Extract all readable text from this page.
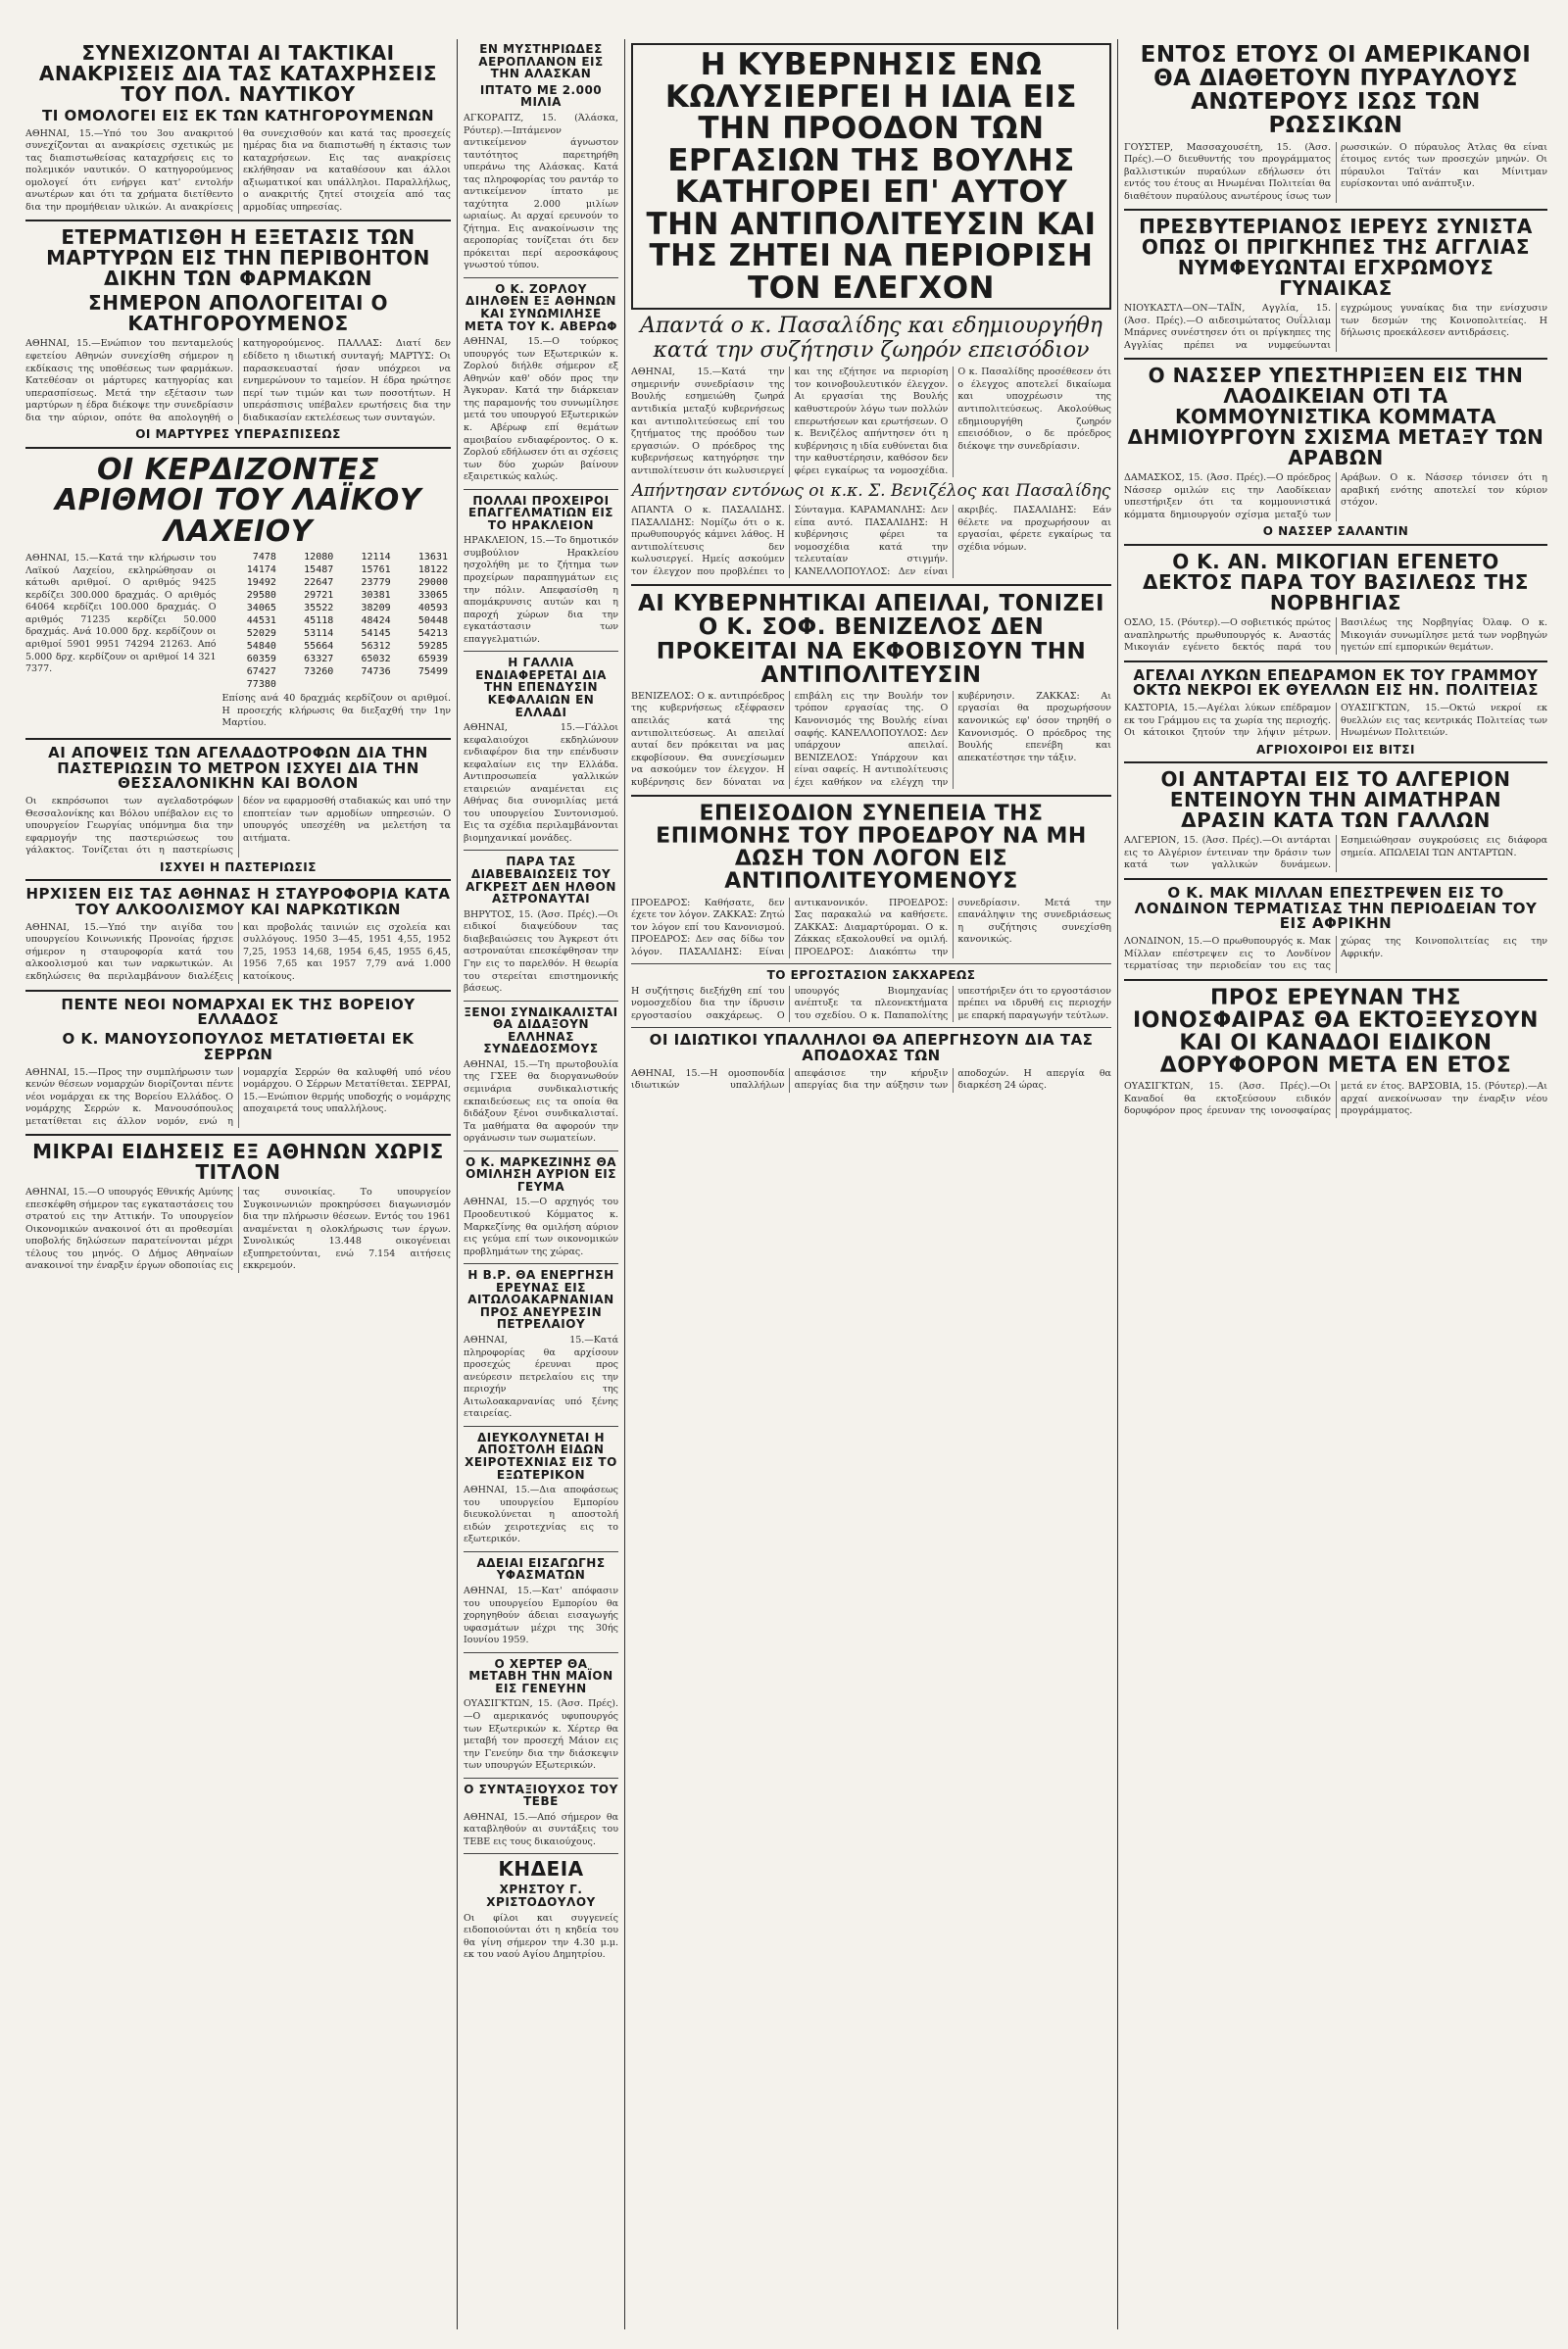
ΣΥΝΕΧΙΖΟΝΤΑΙ ΑΙ ΤΑΚΤΙΚΑΙ ΑΝΑΚΡΙΣΕΙΣ ΔΙΑ ΤΑΣ ΚΑΤΑΧΡΗΣΕΙΣ ΤΟΥ ΠΟΛ. ΝΑΥΤΙΚΟΥ
ΤΙ ΟΜΟΛΟΓΕΙ ΕΙΣ ΕΚ ΤΩΝ ΚΑΤΗΓΟΡΟΥΜΕΝΩΝ
ΑΘΗΝΑΙ, 15.—Υπό του 3ου ανακριτού συνεχίζονται αι ανακρίσεις σχετικώς με τας διαπιστωθείσας καταχρήσεις εις το πολεμικόν ναυτικόν. Ο κατηγορούμενος ομολογεί ότι ενήργει κατ' εντολήν ανωτέρων και ότι τα χρήματα διετίθεντο δια την προμήθειαν υλικών. Αι ανακρίσεις θα συνεχισθούν και κατά τας προσεχείς ημέρας δια να διαπιστωθή η έκτασις των καταχρήσεων. Εις τας ανακρίσεις εκλήθησαν να καταθέσουν και άλλοι αξιωματικοί και υπάλληλοι. Παραλλήλως, ο ανακριτής ζητεί στοιχεία από τας αρμοδίας υπηρεσίας.
ΕΤΕΡΜΑΤΙΣΘΗ Η ΕΞΕΤΑΣΙΣ ΤΩΝ ΜΑΡΤΥΡΩΝ ΕΙΣ ΤΗΝ ΠΕΡΙΒΟΗΤΟΝ ΔΙΚΗΝ ΤΩΝ ΦΑΡΜΑΚΩΝ
ΣΗΜΕΡΟΝ ΑΠΟΛΟΓΕΙΤΑΙ Ο ΚΑΤΗΓΟΡΟΥΜΕΝΟΣ
ΑΘΗΝΑΙ, 15.—Ενώπιον του πενταμελούς εφετείου Αθηνών συνεχίσθη σήμερον η εκδίκασις της υποθέσεως των φαρμάκων. Κατεθέσαν οι μάρτυρες κατηγορίας και υπερασπίσεως. Μετά την εξέτασιν των μαρτύρων η έδρα διέκοψε την συνεδρίασιν δια την αύριον, οπότε θα απολογηθή ο κατηγορούμενος. ΠΑΛΛΑΣ: Διατί δεν εδίδετο η ιδιωτική συνταγή; ΜΑΡΤΥΣ: Οι παρασκευασταί ήσαν υπόχρεοι να ενημερώνουν το ταμείον. Η έδρα ηρώτησε περί των τιμών και των ποσοτήτων. Η υπεράσπισις υπέβαλεν ερωτήσεις δια την διαδικασίαν εκτελέσεως των συνταγών.
ΟΙ ΜΑΡΤΥΡΕΣ ΥΠΕΡΑΣΠΙΣΕΩΣ
ΟΙ ΚΕΡΔΙΖΟΝΤΕΣ ΑΡΙΘΜΟΙ ΤΟΥ ΛΑΪΚΟΥ ΛΑΧΕΙΟΥ
ΑΘΗΝΑΙ, 15.—Κατά την κλήρωσιν του Λαϊκού Λαχείου, εκληρώθησαν οι κάτωθι αριθμοί. Ο αριθμός 9425 κερδίζει 300.000 δραχμάς. Ο αριθμός 64064 κερδίζει 100.000 δραχμάς. Ο αριθμός 71235 κερδίζει 50.000 δραχμάς. Ανά 10.000 δρχ. κερδίζουν οι αριθμοί 5901 9951 74294 21263. Από 5.000 δρχ. κερδίζουν οι αριθμοί 14 321 7377.
7478	12080	12114	13631
14174	15487	15761	18122
19492	22647	23779	29000
29580	29721	30381	33065
34065	35522	38209	40593
44531	45118	48424	50448
52029	53114	54145	54213
54840	55664	56312	59285
60359	63327	65032	65939
67427	73260	74736	75499
77380
Επίσης ανά 40 δραχμάς κερδίζουν οι αριθμοί. Η προσεχής κλήρωσις θα διεξαχθή την 1ην Μαρτίου.
ΑΙ ΑΠΟΨΕΙΣ ΤΩΝ ΑΓΕΛΑΔΟΤΡΟΦΩΝ ΔΙΑ ΤΗΝ ΠΑΣΤΕΡΙΩΣΙΝ ΤΟ ΜΕΤΡΟΝ ΙΣΧΥΕΙ ΔΙΑ ΤΗΝ ΘΕΣΣΑΛΟΝΙΚΗΝ ΚΑΙ ΒΟΛΟΝ
Οι εκπρόσωποι των αγελαδοτρόφων Θεσσαλονίκης και Βόλου υπέβαλον εις το υπουργείον Γεωργίας υπόμνημα δια την εφαρμογήν της παστεριώσεως του γάλακτος. Τονίζεται ότι η παστερίωσις δέον να εφαρμοσθή σταδιακώς και υπό την εποπτείαν των αρμοδίων υπηρεσιών. Ο υπουργός υπεσχέθη να μελετήση τα αιτήματα.
ΙΣΧΥΕΙ Η ΠΑΣΤΕΡΙΩΣΙΣ
ΗΡΧΙΣΕΝ ΕΙΣ ΤΑΣ ΑΘΗΝΑΣ Η ΣΤΑΥΡΟΦΟΡΙΑ ΚΑΤΑ ΤΟΥ ΑΛΚΟΟΛΙΣΜΟΥ ΚΑΙ ΝΑΡΚΩΤΙΚΩΝ
ΑΘΗΝΑΙ, 15.—Υπό την αιγίδα του υπουργείου Κοινωνικής Προνοίας ήρχισε σήμερον η σταυροφορία κατά του αλκοολισμού και των ναρκωτικών. Αι εκδηλώσεις θα περιλαμβάνουν διαλέξεις και προβολάς ταινιών εις σχολεία και συλλόγους. 1950 3—45, 1951 4,55, 1952 7,25, 1953 14,68, 1954 6,45, 1955 6,45, 1956 7,65 και 1957 7,79 ανά 1.000 κατοίκους.
ΠΕΝΤΕ ΝΕΟΙ ΝΟΜΑΡΧΑΙ ΕΚ ΤΗΣ ΒΟΡΕΙΟΥ ΕΛΛΑΔΟΣ
Ο Κ. ΜΑΝΟΥΣΟΠΟΥΛΟΣ ΜΕΤΑΤΙΘΕΤΑΙ ΕΚ ΣΕΡΡΩΝ
ΑΘΗΝΑΙ, 15.—Προς την συμπλήρωσιν των κενών θέσεων νομαρχών διορίζονται πέντε νέοι νομάρχαι εκ της Βορείου Ελλάδος. Ο νομάρχης Σερρών κ. Μανουσόπουλος μετατίθεται εις άλλον νομόν, ενώ η νομαρχία Σερρών θα καλυφθή υπό νέου νομάρχου. Ο Σέρρων Μετατίθεται. ΣΕΡΡΑΙ, 15.—Ενώπιον θερμής υποδοχής ο νομάρχης αποχαιρετά τους υπαλλήλους.
ΜΙΚΡΑΙ ΕΙΔΗΣΕΙΣ ΕΞ ΑΘΗΝΩΝ ΧΩΡΙΣ ΤΙΤΛΟΝ
ΑΘΗΝΑΙ, 15.—Ο υπουργός Εθνικής Αμύνης επεσκέφθη σήμερον τας εγκαταστάσεις του στρατού εις την Αττικήν. Το υπουργείον Οικονομικών ανακοινοί ότι αι προθεσμίαι υποβολής δηλώσεων παρατείνονται μέχρι τέλους του μηνός. Ο Δήμος Αθηναίων ανακοινοί την έναρξιν έργων οδοποιίας εις τας συνοικίας. Το υπουργείον Συγκοινωνιών προκηρύσσει διαγωνισμόν δια την πλήρωσιν θέσεων. Εντός του 1961 αναμένεται η ολοκλήρωσις των έργων. Συνολικώς 13.448 οικογένειαι εξυπηρετούνται, ενώ 7.154 αιτήσεις εκκρεμούν.
ΕΝ ΜΥΣΤΗΡΙΩΔΕΣ ΑΕΡΟΠΛΑΝΟΝ ΕΙΣ ΤΗΝ ΑΛΑΣΚΑΝ
ΙΠΤΑΤΟ ΜΕ 2.000 ΜΙΛΙΑ
ΑΓΚΟΡΑΙΤΖ, 15. (Άλάσκα, Ρόυτερ).—Ιπτάμενον αντικείμενον άγνωστον ταυτότητος παρετηρήθη υπεράνω της Αλάσκας. Κατά τας πληροφορίας του ραντάρ το αντικείμενον ίπτατο με ταχύτητα 2.000 μιλίων ωριαίως. Αι αρχαί ερευνούν το ζήτημα. Εις ανακοίνωσιν της αεροπορίας τονίζεται ότι δεν πρόκειται περί αεροσκάφους γνωστού τύπου.
Ο Κ. ΖΟΡΛΟΥ ΔΙΗΛΘΕΝ ΕΞ ΑΘΗΝΩΝ ΚΑΙ ΣΥΝΩΜΙΛΗΣΕ ΜΕΤΑ ΤΟΥ Κ. ΑΒΕΡΩΦ
ΑΘΗΝΑΙ, 15.—Ο τούρκος υπουργός των Εξωτερικών κ. Ζορλού διήλθε σήμερον εξ Αθηνών καθ' οδόν προς την Άγκυραν. Κατά την διάρκειαν της παραμονής του συνωμίλησε μετά του υπουργού Εξωτερικών κ. Αβέρωφ επί θεμάτων αμοιβαίου ενδιαφέροντος. Ο κ. Ζορλού εδήλωσεν ότι αι σχέσεις των δύο χωρών βαίνουν εξαιρετικώς καλώς.
ΠΟΛΛΑΙ ΠΡΟΧΕΙΡΟΙ ΕΠΑΓΓΕΛΜΑΤΙΩΝ ΕΙΣ ΤΟ ΗΡΑΚΛΕΙΟΝ
ΗΡΑΚΛΕΙΟΝ, 15.—Το δημοτικόν συμβούλιον Ηρακλείου ησχολήθη με το ζήτημα των προχείρων παραπηγμάτων εις την πόλιν. Απεφασίσθη η απομάκρυνσις αυτών και η παροχή χώρων δια την εγκατάστασιν των επαγγελματιών.
Η ΓΑΛΛΙΑ ΕΝΔΙΑΦΕΡΕΤΑΙ ΔΙΑ ΤΗΝ ΕΠΕΝΔΥΣΙΝ ΚΕΦΑΛΑΙΩΝ ΕΝ ΕΛΛΑΔΙ
ΑΘΗΝΑΙ, 15.—Γάλλοι κεφαλαιούχοι εκδηλώνουν ενδιαφέρον δια την επένδυσιν κεφαλαίων εις την Ελλάδα. Αντιπροσωπεία γαλλικών εταιρειών αναμένεται εις Αθήνας δια συνομιλίας μετά του υπουργείου Συντονισμού. Εις τα σχέδια περιλαμβάνονται βιομηχανικαί μονάδες.
ΠΑΡΑ ΤΑΣ ΔΙΑΒΕΒΑΙΩΣΕΙΣ ΤΟΥ ΑΓΚΡΕΣΤ ΔΕΝ ΗΛΘΟΝ ΑΣΤΡΟΝΑΥΤΑΙ
ΒΗΡΥΤΟΣ, 15. (Άσσ. Πρές).—Οι ειδικοί διαψεύδουν τας διαβεβαιώσεις του Άγκρεστ ότι αστροναύται επεσκέφθησαν την Γην εις το παρελθόν. Η θεωρία του στερείται επιστημονικής βάσεως.
ΞΕΝΟΙ ΣΥΝΔΙΚΑΛΙΣΤΑΙ ΘΑ ΔΙΔΑΞΟΥΝ ΕΛΛΗΝΑΣ ΣΥΝΔΕΔΟΣΜΟΥΣ
ΑΘΗΝΑΙ, 15.—Τη πρωτοβουλία της ΓΣΕΕ θα διοργανωθούν σεμινάρια συνδικαλιστικής εκπαιδεύσεως εις τα οποία θα διδάξουν ξένοι συνδικαλισταί. Τα μαθήματα θα αφορούν την οργάνωσιν των σωματείων.
Ο Κ. ΜΑΡΚΕΖΙΝΗΣ ΘΑ ΟΜΙΛΗΣΗ ΑΥΡΙΟΝ ΕΙΣ ΓΕΥΜΑ
ΑΘΗΝΑΙ, 15.—Ο αρχηγός του Προοδευτικού Κόμματος κ. Μαρκεζίνης θα ομιλήση αύριον εις γεύμα επί των οικονομικών προβλημάτων της χώρας.
Η Β.Ρ. ΘΑ ΕΝΕΡΓΗΣΗ ΕΡΕΥΝΑΣ ΕΙΣ ΑΙΤΩΛΟΑΚΑΡΝΑΝΙΑΝ ΠΡΟΣ ΑΝΕΥΡΕΣΙΝ ΠΕΤΡΕΛΑΙΟΥ
ΑΘΗΝΑΙ, 15.—Κατά πληροφορίας θα αρχίσουν προσεχώς έρευναι προς ανεύρεσιν πετρελαίου εις την περιοχήν της Αιτωλοακαρνανίας υπό ξένης εταιρείας.
ΔΙΕΥΚΟΛΥΝΕΤΑΙ Η ΑΠΟΣΤΟΛΗ ΕΙΔΩΝ ΧΕΙΡΟΤΕΧΝΙΑΣ ΕΙΣ ΤΟ ΕΞΩΤΕΡΙΚΟΝ
ΑΘΗΝΑΙ, 15.—Δια αποφάσεως του υπουργείου Εμπορίου διευκολύνεται η αποστολή ειδών χειροτεχνίας εις το εξωτερικόν.
ΑΔΕΙΑΙ ΕΙΣΑΓΩΓΗΣ ΥΦΑΣΜΑΤΩΝ
ΑΘΗΝΑΙ, 15.—Κατ' απόφασιν του υπουργείου Εμπορίου θα χορηγηθούν άδειαι εισαγωγής υφασμάτων μέχρι της 30ής Ιουνίου 1959.
Ο ΧΕΡΤΕΡ ΘΑ ΜΕΤΑΒΗ ΤΗΝ ΜΑΪΟΝ ΕΙΣ ΓΕΝΕΥΗΝ
ΟΥΑΣΙΓΚΤΩΝ, 15. (Άσσ. Πρές).—Ο αμερικανός υφυπουργός των Εξωτερικών κ. Χέρτερ θα μεταβή τον προσεχή Μάιον εις την Γενεύην δια την διάσκεψιν των υπουργών Εξωτερικών.
Ο ΣΥΝΤΑΞΙΟΥΧΟΣ ΤΟΥ ΤΕΒΕ
ΑΘΗΝΑΙ, 15.—Από σήμερον θα καταβληθούν αι συντάξεις του ΤΕΒΕ εις τους δικαιούχους.
ΚΗΔΕΙΑ
ΧΡΗΣΤΟΥ Γ. ΧΡΙΣΤΟΔΟΥΛΟΥ
Οι φίλοι και συγγενείς ειδοποιούνται ότι η κηδεία του θα γίνη σήμερον την 4.30 μ.μ. εκ του ναού Αγίου Δημητρίου.
Η ΚΥΒΕΡΝΗΣΙΣ ΕΝΩ ΚΩΛΥΣΙΕΡΓΕΙ Η ΙΔΙΑ ΕΙΣ ΤΗΝ ΠΡΟΟΔΟΝ ΤΩΝ ΕΡΓΑΣΙΩΝ ΤΗΣ ΒΟΥΛΗΣ ΚΑΤΗΓΟΡΕΙ ΕΠ' ΑΥΤΟΥ ΤΗΝ ΑΝΤΙΠΟΛΙΤΕΥΣΙΝ ΚΑΙ ΤΗΣ ΖΗΤΕΙ ΝΑ ΠΕΡΙΟΡΙΣΗ ΤΟΝ ΕΛΕΓΧΟΝ
Απαντά ο κ. Πασαλίδης και εδημιουργήθη κατά την συζήτησιν ζωηρόν επεισόδιον
ΑΘΗΝΑΙ, 15.—Κατά την σημερινήν συνεδρίασιν της Βουλής εσημειώθη ζωηρά αντιδικία μεταξύ κυβερνήσεως και αντιπολιτεύσεως επί του ζητήματος της προόδου των εργασιών. Ο πρόεδρος της κυβερνήσεως κατηγόρησε την αντιπολίτευσιν ότι κωλυσιεργεί και της εζήτησε να περιορίση τον κοινοβουλευτικόν έλεγχον. Αι εργασίαι της Βουλής καθυστερούν λόγω των πολλών επερωτήσεων και ερωτήσεων. Ο κ. Βενιζέλος απήντησεν ότι η κυβέρνησις η ιδία ευθύνεται δια την καθυστέρησιν, καθόσον δεν φέρει εγκαίρως τα νομοσχέδια. Ο κ. Πασαλίδης προσέθεσεν ότι ο έλεγχος αποτελεί δικαίωμα και υποχρέωσιν της αντιπολιτεύσεως. Ακολούθως εδημιουργήθη ζωηρόν επεισόδιον, ο δε πρόεδρος διέκοψε την συνεδρίασιν.
Απήντησαν εντόνως οι κ.κ. Σ. Βενιζέλος και Πασαλίδης
ΑΠΑΝΤΑ Ο κ. ΠΑΣΑΛΙΔΗΣ. ΠΑΣΑΛΙΔΗΣ: Νομίζω ότι ο κ. πρωθυπουργός κάμνει λάθος. Η αντιπολίτευσις δεν κωλυσιεργεί. Ημείς ασκούμεν τον έλεγχον που προβλέπει το Σύνταγμα. ΚΑΡΑΜΑΝΛΗΣ: Δεν είπα αυτό. ΠΑΣΑΛΙΔΗΣ: Η κυβέρνησις φέρει τα νομοσχέδια κατά την τελευταίαν στιγμήν. ΚΑΝΕΛΛΟΠΟΥΛΟΣ: Δεν είναι ακριβές. ΠΑΣΑΛΙΔΗΣ: Εάν θέλετε να προχωρήσουν αι εργασίαι, φέρετε εγκαίρως τα σχέδια νόμων.
ΑΙ ΚΥΒΕΡΝΗΤΙΚΑΙ ΑΠΕΙΛΑΙ, ΤΟΝΙΖΕΙ Ο Κ. ΣΟΦ. ΒΕΝΙΖΕΛΟΣ ΔΕΝ ΠΡΟΚΕΙΤΑΙ ΝΑ ΕΚΦΟΒΙΣΟΥΝ ΤΗΝ ΑΝΤΙΠΟΛΙΤΕΥΣΙΝ
ΒΕΝΙΖΕΛΟΣ: Ο κ. αντιπρόεδρος της κυβερνήσεως εξέφρασεν απειλάς κατά της αντιπολιτεύσεως. Αι απειλαί αυταί δεν πρόκειται να μας εκφοβίσουν. Θα συνεχίσωμεν να ασκούμεν τον έλεγχον. Η κυβέρνησις δεν δύναται να επιβάλη εις την Βουλήν τον τρόπον εργασίας της. Ο Κανονισμός της Βουλής είναι σαφής. ΚΑΝΕΛΛΟΠΟΥΛΟΣ: Δεν υπάρχουν απειλαί. ΒΕΝΙΖΕΛΟΣ: Υπάρχουν και είναι σαφείς. Η αντιπολίτευσις έχει καθήκον να ελέγχη την κυβέρνησιν. ΖΑΚΚΑΣ: Αι εργασίαι θα προχωρήσουν κανονικώς εφ' όσον τηρηθή ο Κανονισμός. Ο πρόεδρος της Βουλής επενέβη και απεκατέστησε την τάξιν.
ΕΠΕΙΣΟΔΙΟΝ ΣΥΝΕΠΕΙΑ ΤΗΣ ΕΠΙΜΟΝΗΣ ΤΟΥ ΠΡΟΕΔΡΟΥ ΝΑ ΜΗ ΔΩΣΗ ΤΟΝ ΛΟΓΟΝ ΕΙΣ ΑΝΤΙΠΟΛΙΤΕΥΟΜΕΝΟΥΣ
ΠΡΟΕΔΡΟΣ: Καθήσατε, δεν έχετε τον λόγον. ΖΑΚΚΑΣ: Ζητώ τον λόγον επί του Κανονισμού. ΠΡΟΕΔΡΟΣ: Δεν σας δίδω τον λόγον. ΠΑΣΑΛΙΔΗΣ: Είναι αντικανονικόν. ΠΡΟΕΔΡΟΣ: Σας παρακαλώ να καθήσετε. ΖΑΚΚΑΣ: Διαμαρτύρομαι. Ο κ. Ζάκκας εξακολουθεί να ομιλή. ΠΡΟΕΔΡΟΣ: Διακόπτω την συνεδρίασιν. Μετά την επανάληψιν της συνεδριάσεως η συζήτησις συνεχίσθη κανονικώς.
ΤΟ ΕΡΓΟΣΤΑΣΙΟΝ ΣΑΚΧΑΡΕΩΣ
Η συζήτησις διεξήχθη επί του νομοσχεδίου δια την ίδρυσιν εργοστασίου σακχάρεως. Ο υπουργός Βιομηχανίας ανέπτυξε τα πλεονεκτήματα του σχεδίου. Ο κ. Παπαπολίτης υπεστήριξεν ότι το εργοστάσιον πρέπει να ιδρυθή εις περιοχήν με επαρκή παραγωγήν τεύτλων.
ΟΙ ΙΔΙΩΤΙΚΟΙ ΥΠΑΛΛΗΛΟΙ ΘΑ ΑΠΕΡΓΗΣΟΥΝ ΔΙΑ ΤΑΣ ΑΠΟΔΟΧΑΣ ΤΩΝ
ΑΘΗΝΑΙ, 15.—Η ομοσπονδία ιδιωτικών υπαλλήλων απεφάσισε την κήρυξιν απεργίας δια την αύξησιν των αποδοχών. Η απεργία θα διαρκέση 24 ώρας.
ΕΝΤΟΣ ΕΤΟΥΣ ΟΙ ΑΜΕΡΙΚΑΝΟΙ ΘΑ ΔΙΑΘΕΤΟΥΝ ΠΥΡΑΥΛΟΥΣ ΑΝΩΤΕΡΟΥΣ ΙΣΩΣ ΤΩΝ ΡΩΣΣΙΚΩΝ
ΓΟΥΣΤΕΡ, Μασσαχουσέτη, 15. (Άσσ. Πρές).—Ο διευθυντής του προγράμματος βαλλιστικών πυραύλων εδήλωσεν ότι εντός του έτους αι Ηνωμέναι Πολιτείαι θα διαθέτουν πυραύλους ανωτέρους ίσως των ρωσσικών. Ο πύραυλος Άτλας θα είναι έτοιμος εντός των προσεχών μηνών. Οι πύραυλοι Ταϊτάν και Μίνιτμαν ευρίσκονται υπό ανάπτυξιν.
ΠΡΕΣΒΥΤΕΡΙΑΝΟΣ ΙΕΡΕΥΣ ΣΥΝΙΣΤΑ ΟΠΩΣ ΟΙ ΠΡΙΓΚΗΠΕΣ ΤΗΣ ΑΓΓΛΙΑΣ ΝΥΜΦΕΥΩΝΤΑΙ ΕΓΧΡΩΜΟΥΣ ΓΥΝΑΙΚΑΣ
ΝΙΟΥΚΑΣΤΛ—ΟΝ—ΤΑΪΝ, Αγγλία, 15. (Άσσ. Πρές).—Ο αιδεσιμώτατος Ουΐλλιαμ Μπάρνες συνέστησεν ότι οι πρίγκηπες της Αγγλίας πρέπει να νυμφεύωνται εγχρώμους γυναίκας δια την ενίσχυσιν των δεσμών της Κοινοπολιτείας. Η δήλωσις προεκάλεσεν αντιδράσεις.
Ο ΝΑΣΣΕΡ ΥΠΕΣΤΗΡΙΞΕΝ ΕΙΣ ΤΗΝ ΛΑΟΔΙΚΕΙΑΝ ΟΤΙ ΤΑ ΚΟΜΜΟΥΝΙΣΤΙΚΑ ΚΟΜΜΑΤΑ ΔΗΜΙΟΥΡΓΟΥΝ ΣΧΙΣΜΑ ΜΕΤΑΞΥ ΤΩΝ ΑΡΑΒΩΝ
ΔΑΜΑΣΚΟΣ, 15. (Άσσ. Πρές).—Ο πρόεδρος Νάσσερ ομιλών εις την Λαοδίκειαν υπεστήριξεν ότι τα κομμουνιστικά κόμματα δημιουργούν σχίσμα μεταξύ των Αράβων. Ο κ. Νάσσερ τόνισεν ότι η αραβική ενότης αποτελεί τον κύριον στόχον.
Ο ΝΑΣΣΕΡ ΣΑΛΑΝΤΙΝ
Ο Κ. ΑΝ. ΜΙΚΟΓΙΑΝ ΕΓΕΝΕΤΟ ΔΕΚΤΟΣ ΠΑΡΑ ΤΟΥ ΒΑΣΙΛΕΩΣ ΤΗΣ ΝΟΡΒΗΓΙΑΣ
ΟΣΛΟ, 15. (Ρόυτερ).—Ο σοβιετικός πρώτος αναπληρωτής πρωθυπουργός κ. Αναστάς Μικογιάν εγένετο δεκτός παρά του Βασιλέως της Νορβηγίας Όλαφ. Ο κ. Μικογιάν συνωμίλησε μετά των νορβηγών ηγετών επί εμπορικών θεμάτων.
ΑΓΕΛΑΙ ΛΥΚΩΝ ΕΠΕΔΡΑΜΟΝ ΕΚ ΤΟΥ ΓΡΑΜΜΟΥ ΟΚΤΩ ΝΕΚΡΟΙ ΕΚ ΘΥΕΛΛΩΝ ΕΙΣ ΗΝ. ΠΟΛΙΤΕΙΑΣ
ΚΑΣΤΟΡΙΑ, 15.—Αγέλαι λύκων επέδραμον εκ του Γράμμου εις τα χωρία της περιοχής. Οι κάτοικοι ζητούν την λήψιν μέτρων. ΟΥΑΣΙΓΚΤΩΝ, 15.—Οκτώ νεκροί εκ θυελλών εις τας κεντρικάς Πολιτείας των Ηνωμένων Πολιτειών.
ΑΓΡΙΟΧΟΙΡΟΙ ΕΙΣ ΒΙΤΣΙ
ΟΙ ΑΝΤΑΡΤΑΙ ΕΙΣ ΤΟ ΑΛΓΕΡΙΟΝ ΕΝΤΕΙΝΟΥΝ ΤΗΝ ΑΙΜΑΤΗΡΑΝ ΔΡΑΣΙΝ ΚΑΤΑ ΤΩΝ ΓΑΛΛΩΝ
ΑΛΓΕΡΙΟΝ, 15. (Άσσ. Πρές).—Οι αντάρται εις το Αλγέριον έντειναν την δράσιν των κατά των γαλλικών δυνάμεων. Εσημειώθησαν συγκρούσεις εις διάφορα σημεία. ΑΠΩΛΕΙΑΙ ΤΩΝ ΑΝΤΑΡΤΩΝ.
Ο Κ. ΜΑΚ ΜΙΛΛΑΝ ΕΠΕΣΤΡΕΨΕΝ ΕΙΣ ΤΟ ΛΟΝΔΙΝΟΝ ΤΕΡΜΑΤΙΣΑΣ ΤΗΝ ΠΕΡΙΟΔΕΙΑΝ ΤΟΥ ΕΙΣ ΑΦΡΙΚΗΝ
ΛΟΝΔΙΝΟΝ, 15.—Ο πρωθυπουργός κ. Μακ Μίλλαν επέστρεψεν εις το Λονδίνον τερματίσας την περιοδείαν του εις τας χώρας της Κοινοπολιτείας εις την Αφρικήν.
ΠΡΟΣ ΕΡΕΥΝΑΝ ΤΗΣ ΙΟΝΟΣΦΑΙΡΑΣ ΘΑ ΕΚΤΟΞΕΥΣΟΥΝ ΚΑΙ ΟΙ ΚΑΝΑΔΟΙ ΕΙΔΙΚΟΝ ΔΟΡΥΦΟΡΟΝ ΜΕΤΑ ΕΝ ΕΤΟΣ
ΟΥΑΣΙΓΚΤΩΝ, 15. (Άσσ. Πρές).—Οι Καναδοί θα εκτοξεύσουν ειδικόν δορυφόρον προς έρευναν της ιονοσφαίρας μετά εν έτος. ΒΑΡΣΟΒΙΑ, 15. (Ρόυτερ).—Αι αρχαί ανεκοίνωσαν την έναρξιν νέου προγράμματος.
